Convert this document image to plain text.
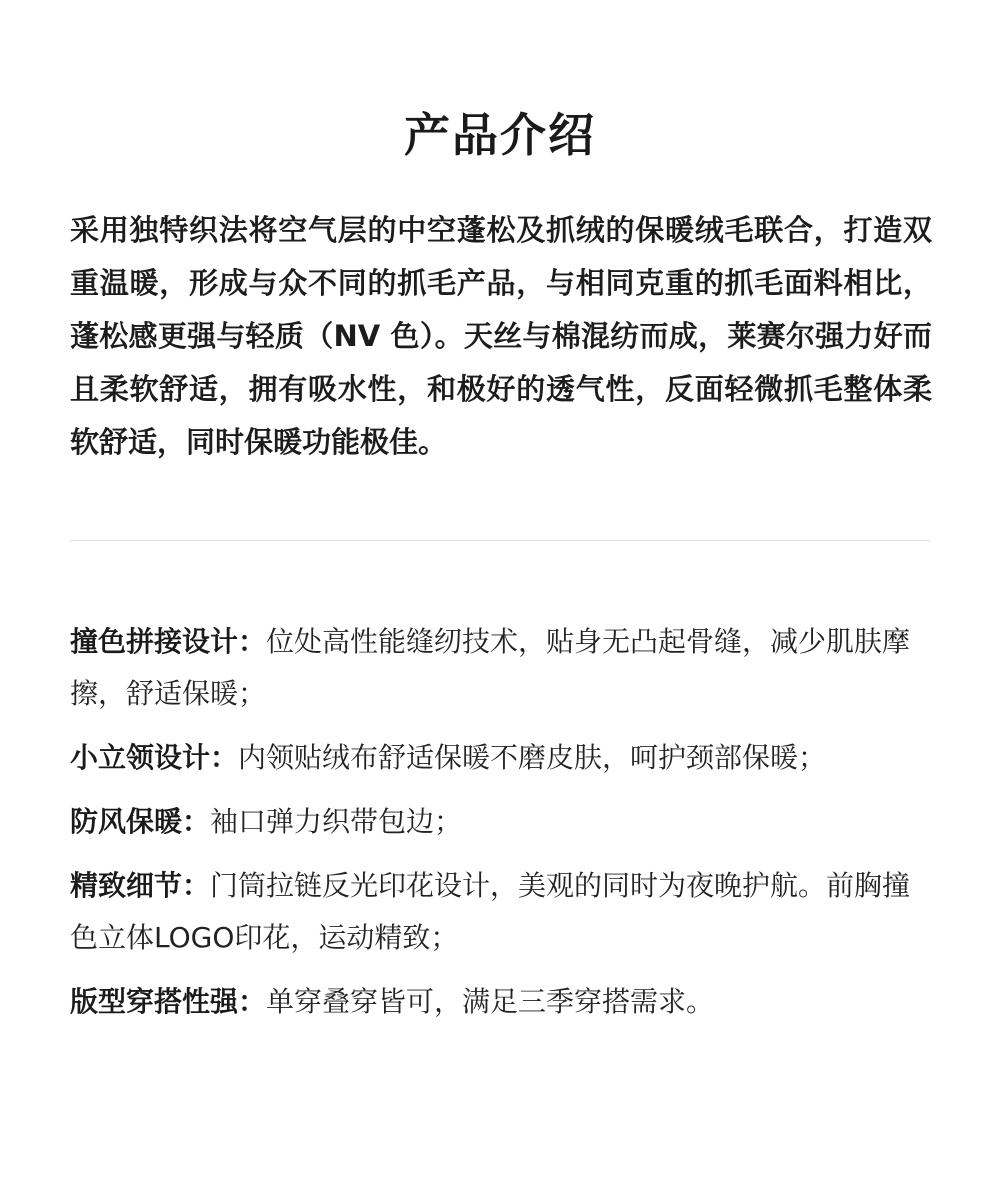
产品介绍
采用独特织法将空气层的中空蓬松及抓绒的保暖绒毛联合，打造双重温暖，形成与众不同的抓毛产品，与相同克重的抓毛面料相比，蓬松感更强与轻质（NV 色）。天丝与棉混纺而成，莱赛尔强力好而且柔软舒适，拥有吸水性，和极好的透气性，反面轻微抓毛整体柔软舒适，同时保暖功能极佳。
撞色拼接设计：位处高性能缝纫技术，贴身无凸起骨缝，减少肌肤摩擦，舒适保暖；
小立领设计：内领贴绒布舒适保暖不磨皮肤，呵护颈部保暖；
防风保暖：袖口弹力织带包边；
精致细节：门筒拉链反光印花设计，美观的同时为夜晚护航。前胸撞色立体LOGO印花，运动精致；
版型穿搭性强：单穿叠穿皆可，满足三季穿搭需求。
